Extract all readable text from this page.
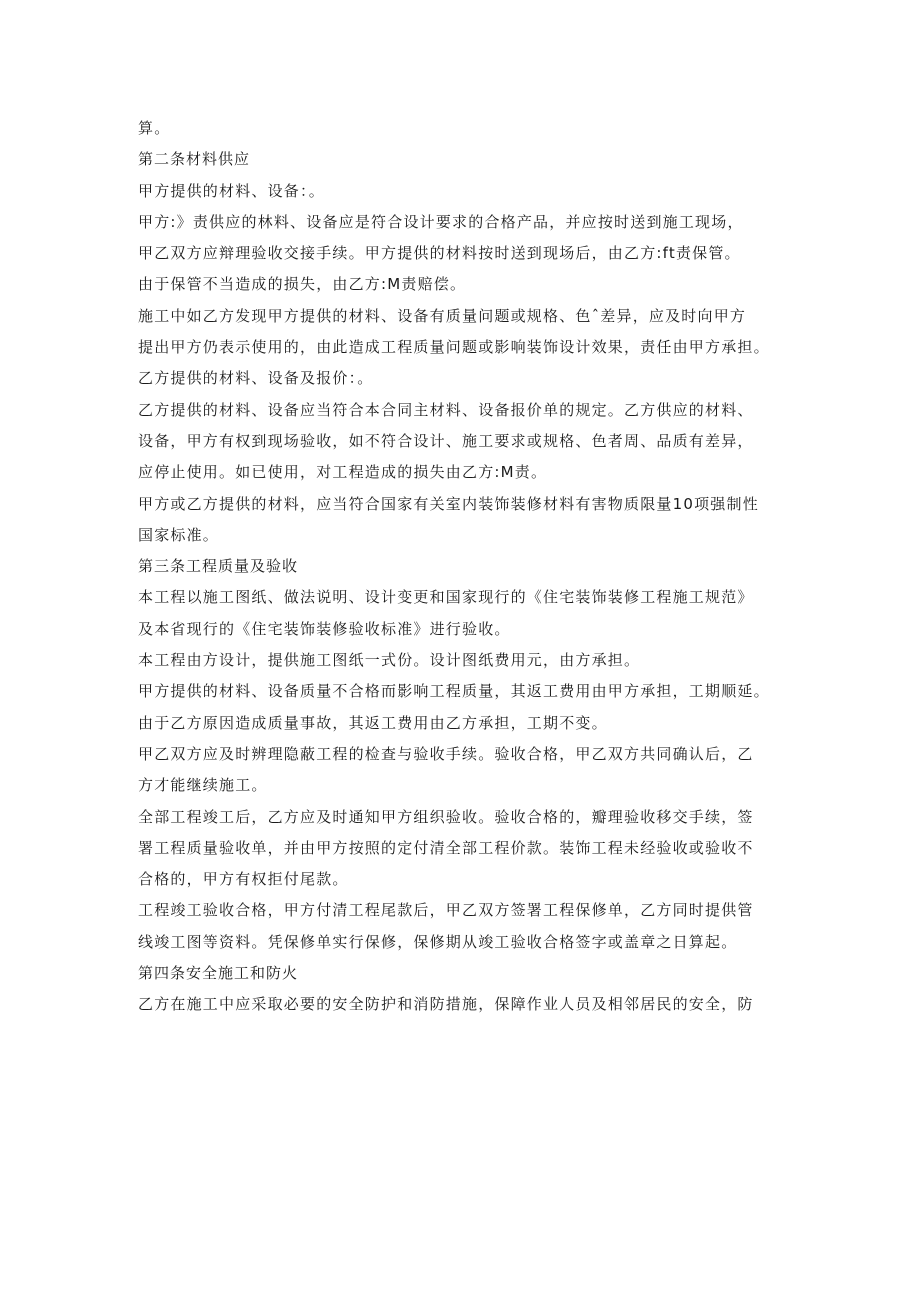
算。
第二条材料供应
甲方提供的材料、设备：。
甲方:》责供应的林料、设备应是符合设计要求的合格产品，并应按时送到施工现场，
甲乙双方应辩理验收交接手续。甲方提供的材料按时送到现场后，由乙方:ft责保管。
由于保管不当造成的损失，由乙方:M责赔偿。
施工中如乙方发现甲方提供的材料、设备有质量问题或规格、色ˆ差异，应及时向甲方
提出甲方仍表示使用的，由此造成工程质量问题或影响装饰设计效果，责任由甲方承担。
乙方提供的材料、设备及报价：。
乙方提供的材料、设备应当符合本合同主材料、设备报价单的规定。乙方供应的材料、
设备，甲方有权到现场验收，如不符合设计、施工要求或规格、色者周、品质有差异，
应停止使用。如已使用，对工程造成的损失由乙方:M责。
甲方或乙方提供的材料，应当符合国家有关室内装饰装修材料有害物质限量10项强制性
国家标准。
第三条工程质量及验收
本工程以施工图纸、做法说明、设计变更和国家现行的《住宅装饰装修工程施工规范》
及本省现行的《住宅装饰装修验收标准》进行验收。
本工程由方设计，提供施工图纸一式份。设计图纸费用元，由方承担。
甲方提供的材料、设备质量不合格而影响工程质量，其返工费用由甲方承担，工期顺延。
由于乙方原因造成质量事故，其返工费用由乙方承担，工期不变。
甲乙双方应及时辨理隐蔽工程的检查与验收手续。验收合格，甲乙双方共同确认后，乙
方才能继续施工。
全部工程竣工后，乙方应及时通知甲方组织验收。验收合格的，瓣理验收移交手续，签
署工程质量验收单，并由甲方按照的定付清全部工程价款。装饰工程未经验收或验收不
合格的，甲方有权拒付尾款。
工程竣工验收合格，甲方付清工程尾款后，甲乙双方签署工程保修单，乙方同时提供管
线竣工图等资料。凭保修单实行保修，保修期从竣工验收合格签字或盖章之日算起。
第四条安全施工和防火
乙方在施工中应采取必要的安全防护和消防措施，保障作业人员及相邻居民的安全，防
